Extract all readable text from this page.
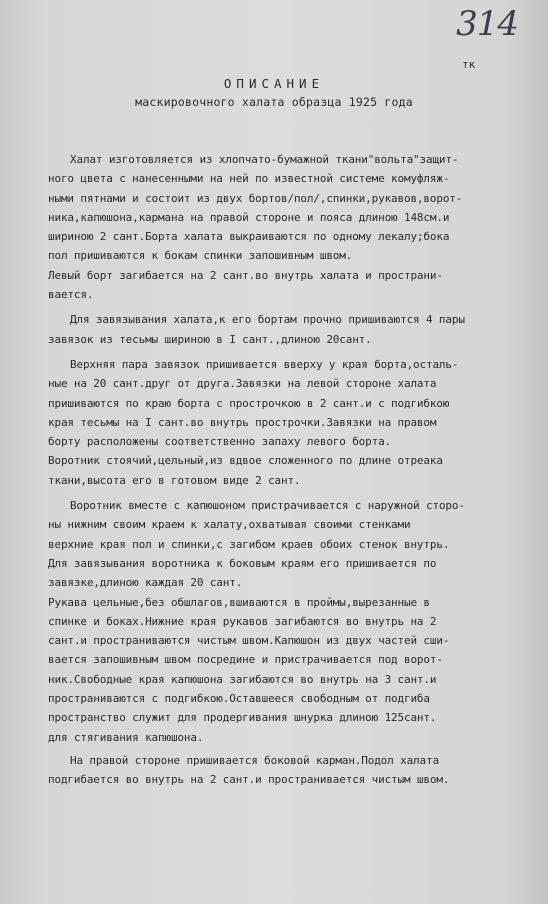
314
тк
ОПИСАНИЕ
маскировочного халата образца 1925 года
Халат изготовляется из хлопчато-бумажной ткани"вольта"защит-
ного цвета с нанесенными на ней по известной системе комуфляж-
ными пятнами и состоит из двух бортов/пол/,спинки,рукавов,ворот-
ника,капюшона,кармана на правой стороне и пояса длиною 148см.и
шириною 2 сант.Борта халата выкраиваются по одному лекалу;бока
пол пришиваются к бокам спинки запошивным швом.
Левый борт загибается на 2 сант.во внутрь халата и пространи-
вается.
Для завязывания халата,к его бортам прочно пришиваются 4 пары
завязок из тесьмы шириною в I сант.,длиною 20сант.
Верхняя пара завязок пришивается вверху у края борта,осталь-
ные на 20 сант.друг от друга.Завязки на левой стороне халата
пришиваются по краю борта с прострочкою в 2 сант.и с подгибкою
края тесьмы на I сант.во внутрь прострочки.Завязки на правом
борту расположены соответственно запаху левого борта.
Воротник стоячий,цельный,из вдвое сложенного по длине отреака
ткани,высота его в готовом виде 2 сант.
Воротник вместе с капюшоном пристрачивается с наружной сторо-
ны нижним своим краем к халату,охватывая своими стенками
верхние края пол и спинки,с загибом краев обоих стенок внутрь.
Для завязывания воротника к боковым краям его пришивается по
завязке,длиною каждая 20 сант.
Рукава цельные,без обшлагов,вшиваются в проймы,вырезанные в
спинке и боках.Нижние края рукавов загибаются во внутрь на 2
сант.и пространиваются чистым швом.Капюшон из двух частей сши-
вается запошивным швом посредине и пристрачивается под ворот-
ник.Свободные края капюшона загибаются во внутрь на 3 сант.и
пространиваются с подгибкою.Оставшееся свободным от подгиба
пространство служит для продергивания шнурка длиною 125сант.
для стягивания капюшона.
На правой стороне пришивается боковой карман.Подол халата
подгибается во внутрь на 2 сант.и пространивается чистым швом.
